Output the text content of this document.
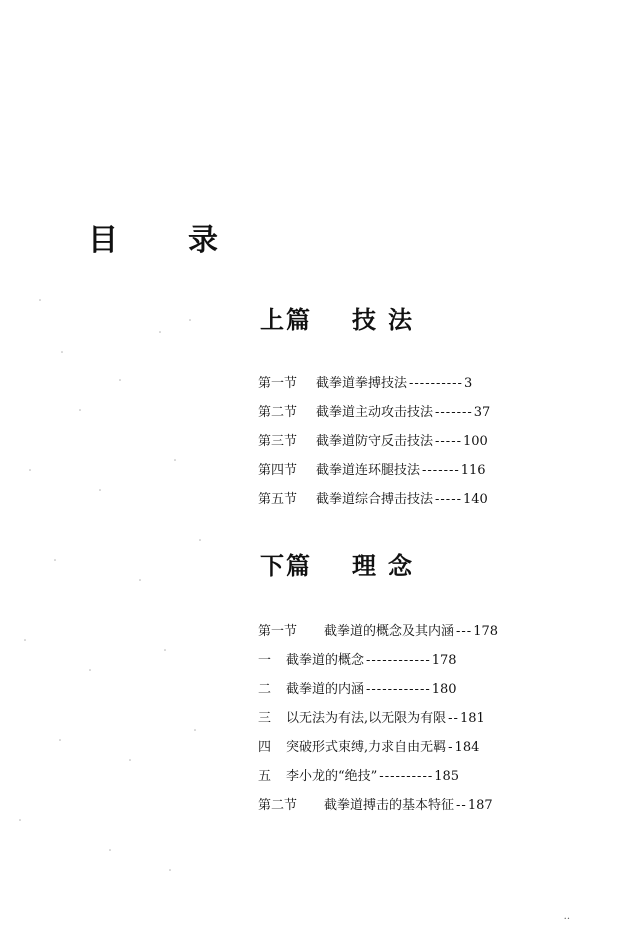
目 录
上篇 技法
第一节	截拳道拳搏技法 ---------- 3
第二节	截拳道主动攻击技法 ------- 37
第三节	截拳道防守反击技法 ----- 100
第四节	截拳道连环腿技法 ------- 116
第五节	截拳道综合搏击技法 ----- 140
下篇 理念
第一节	截拳道的概念及其内涵 --- 178
一	截拳道的概念 ------------ 178
二	截拳道的内涵 ------------ 180
三	以无法为有法,以无限为有限 -- 181
四	突破形式束缚,力求自由无羁 - 184
五	李小龙的“绝技” ---------- 185
第二节	截拳道搏击的基本特征 -- 187
..
